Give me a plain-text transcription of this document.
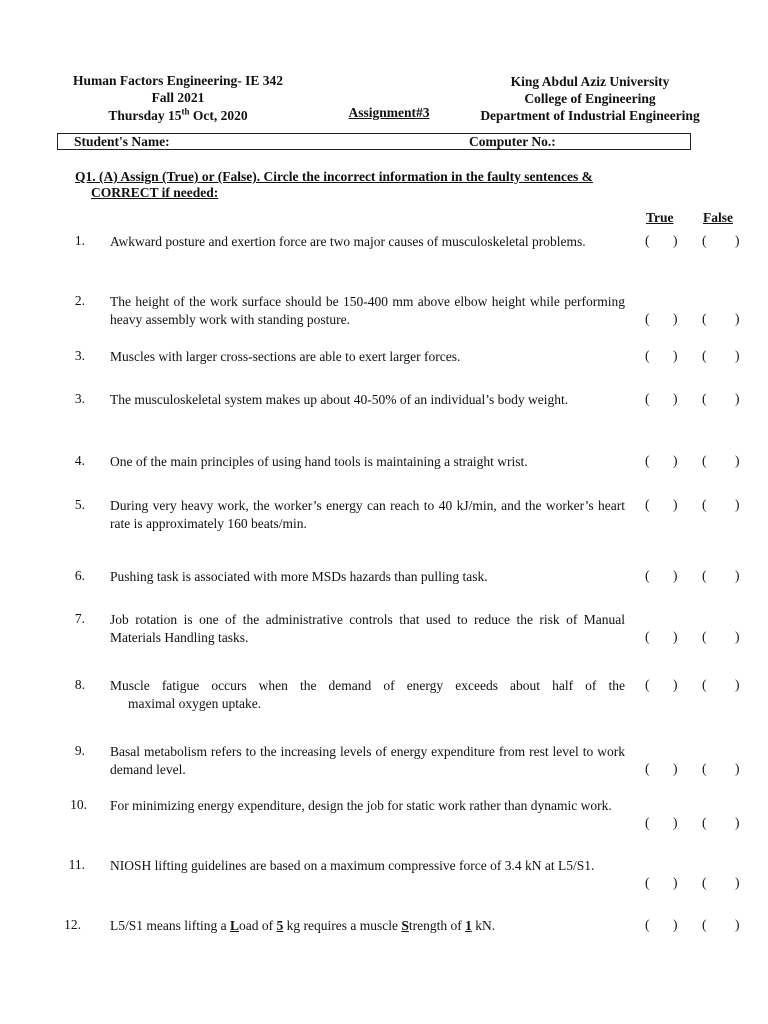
Human Factors Engineering- IE 342
Fall 2021
Thursday 15th Oct, 2020	Assignment#3
King Abdul Aziz University
College of Engineering
Department of Industrial Engineering
Student's Name:	Computer No.:
Q1. (A) Assign (True) or (False). Circle the incorrect information in the faulty sentences &
CORRECT if needed:
True False
1. Awkward posture and exertion force are two major causes of musculoskeletal problems.	( ) ( )
2. The height of the work surface should be 150-400 mm above elbow height while performing heavy assembly work with standing posture.	( ) ( )
3. Muscles with larger cross-sections are able to exert larger forces.	( ) ( )
3. The musculoskeletal system makes up about 40-50% of an individual’s body weight.	( ) ( )
4. One of the main principles of using hand tools is maintaining a straight wrist.	( ) ( )
5. During very heavy work, the worker’s energy can reach to 40 kJ/min, and the worker’s heart rate is approximately 160 beats/min.
( ) ( )
6. Pushing task is associated with more MSDs hazards than pulling task.	( ) ( )
7. Job rotation is one of the administrative controls that used to reduce the risk of Manual Materials Handling tasks.	( ) ( )
8. Muscle fatigue occurs when the demand of energy exceeds about half of the
maximal oxygen uptake.
( ) ( )
9. Basal metabolism refers to the increasing levels of energy expenditure from rest level to work demand level.	( ) ( )
10. For minimizing energy expenditure, design the job for static work rather than dynamic work.
( ) ( )
11. NIOSH lifting guidelines are based on a maximum compressive force of 3.4 kN at L5/S1.
( ) ( )
12. L5/S1 means lifting a Load of 5 kg requires a muscle Strength of 1 kN.	( ) ( )
